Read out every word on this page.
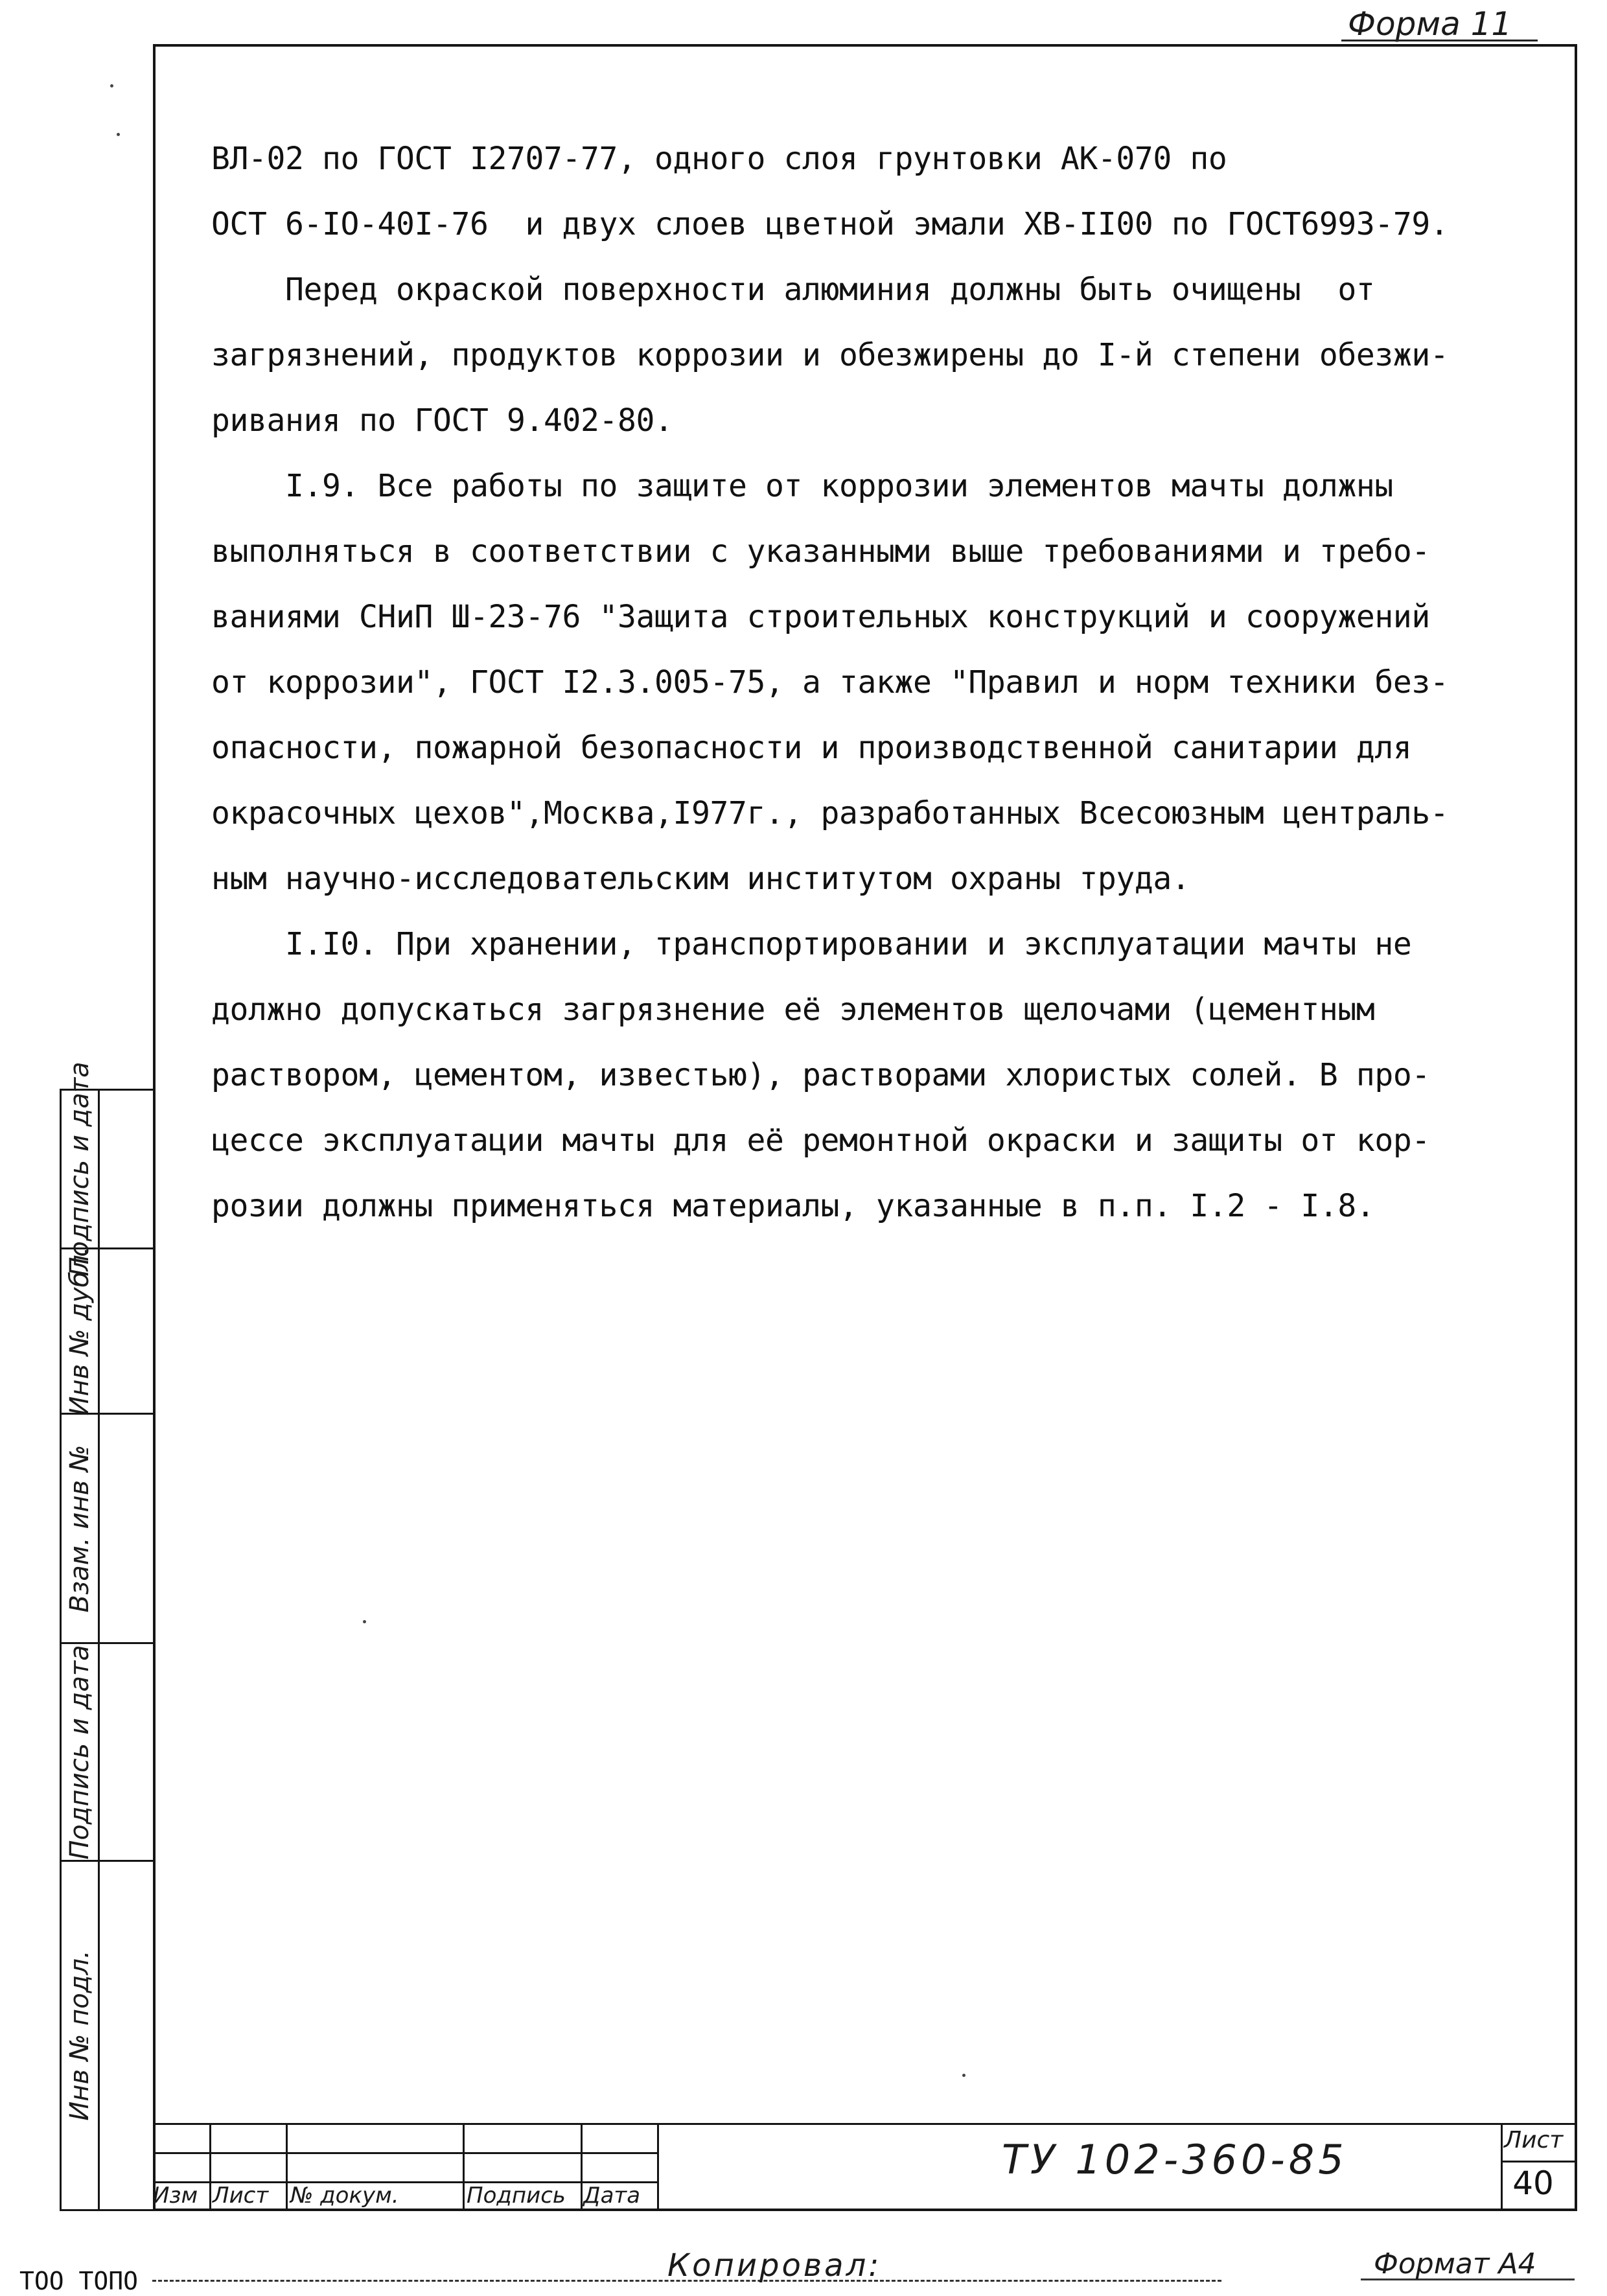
Форма 11
ВЛ-02 по ГОСТ I2707-77, одного слоя грунтовки АК-070 по
ОСТ 6-IO-40I-76  и двух слоев цветной эмали ХВ-II00 по ГОСТ6993-79.
Перед окраской поверхности алюминия должны быть очищены  от
загрязнений, продуктов коррозии и обезжирены до I-й степени обезжи-
ривания по ГОСТ 9.402-80.
I.9. Все работы по защите от коррозии элементов мачты должны
выполняться в соответствии с указанными выше требованиями и требо-
ваниями СНиП Ш-23-76 "Защита строительных конструкций и сооружений
от коррозии", ГОСТ I2.3.005-75, а также "Правил и норм техники без-
опасности, пожарной безопасности и производственной санитарии для
окрасочных цехов",Москва,I977г., разработанных Всесоюзным централь-
ным научно-исследовательским институтом охраны труда.
I.I0. При хранении, транспортировании и эксплуатации мачты не
должно допускаться загрязнение её элементов щелочами (цементным
раствором, цементом, известью), растворами хлористых солей. В про-
цессе эксплуатации мачты для её ремонтной окраски и защиты от кор-
розии должны применяться материалы, указанные в п.п. I.2 - I.8.
Инв № подл.
Подпись и дата
Взам. инв №
Инв № дубл.
Подпись и дата
Изм Лист № докум.	Подпись Дата
ТУ 102-360-85	Лист
40
ТОО ТОПО	Копировал:	Формат А4
